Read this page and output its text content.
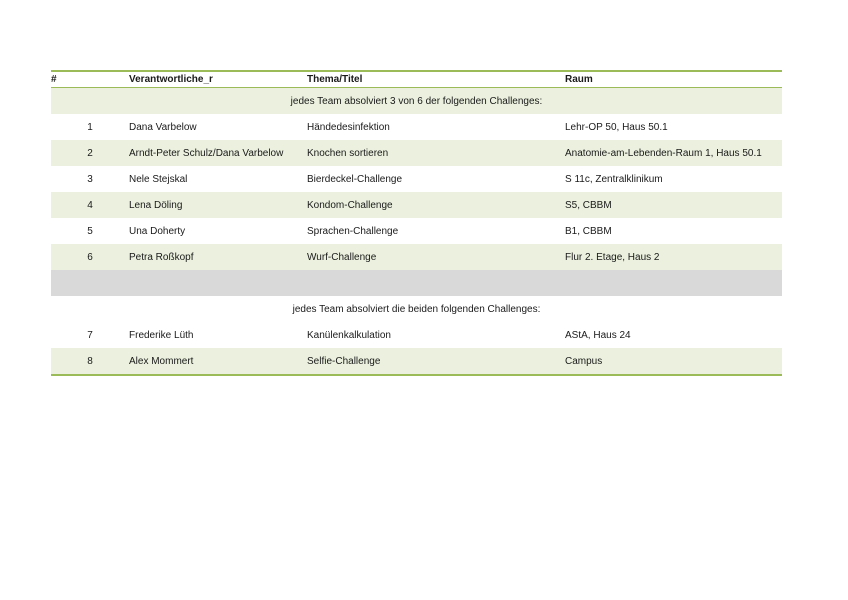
#	Verantwortliche_r	Thema/Titel	Raum
jedes Team absolviert 3 von 6 der folgenden Challenges:			
1	Dana Varbelow	Händedesinfektion	Lehr-OP 50, Haus 50.1
2	Arndt-Peter Schulz/Dana Varbelow	Knochen sortieren	Anatomie-am-Lebenden-Raum 1, Haus 50.1
3	Nele Stejskal	Bierdeckel-Challenge	S 11c, Zentralklinikum
4	Lena Döling	Kondom-Challenge	S5, CBBM
5	Una Doherty	Sprachen-Challenge	B1, CBBM
6	Petra Roßkopf	Wurf-Challenge	Flur 2. Etage, Haus 2

jedes Team absolviert die beiden folgenden Challenges:			
7	Frederike Lüth	Kanülenkalkulation	AStA, Haus 24
8	Alex Mommert	Selfie-Challenge	Campus
